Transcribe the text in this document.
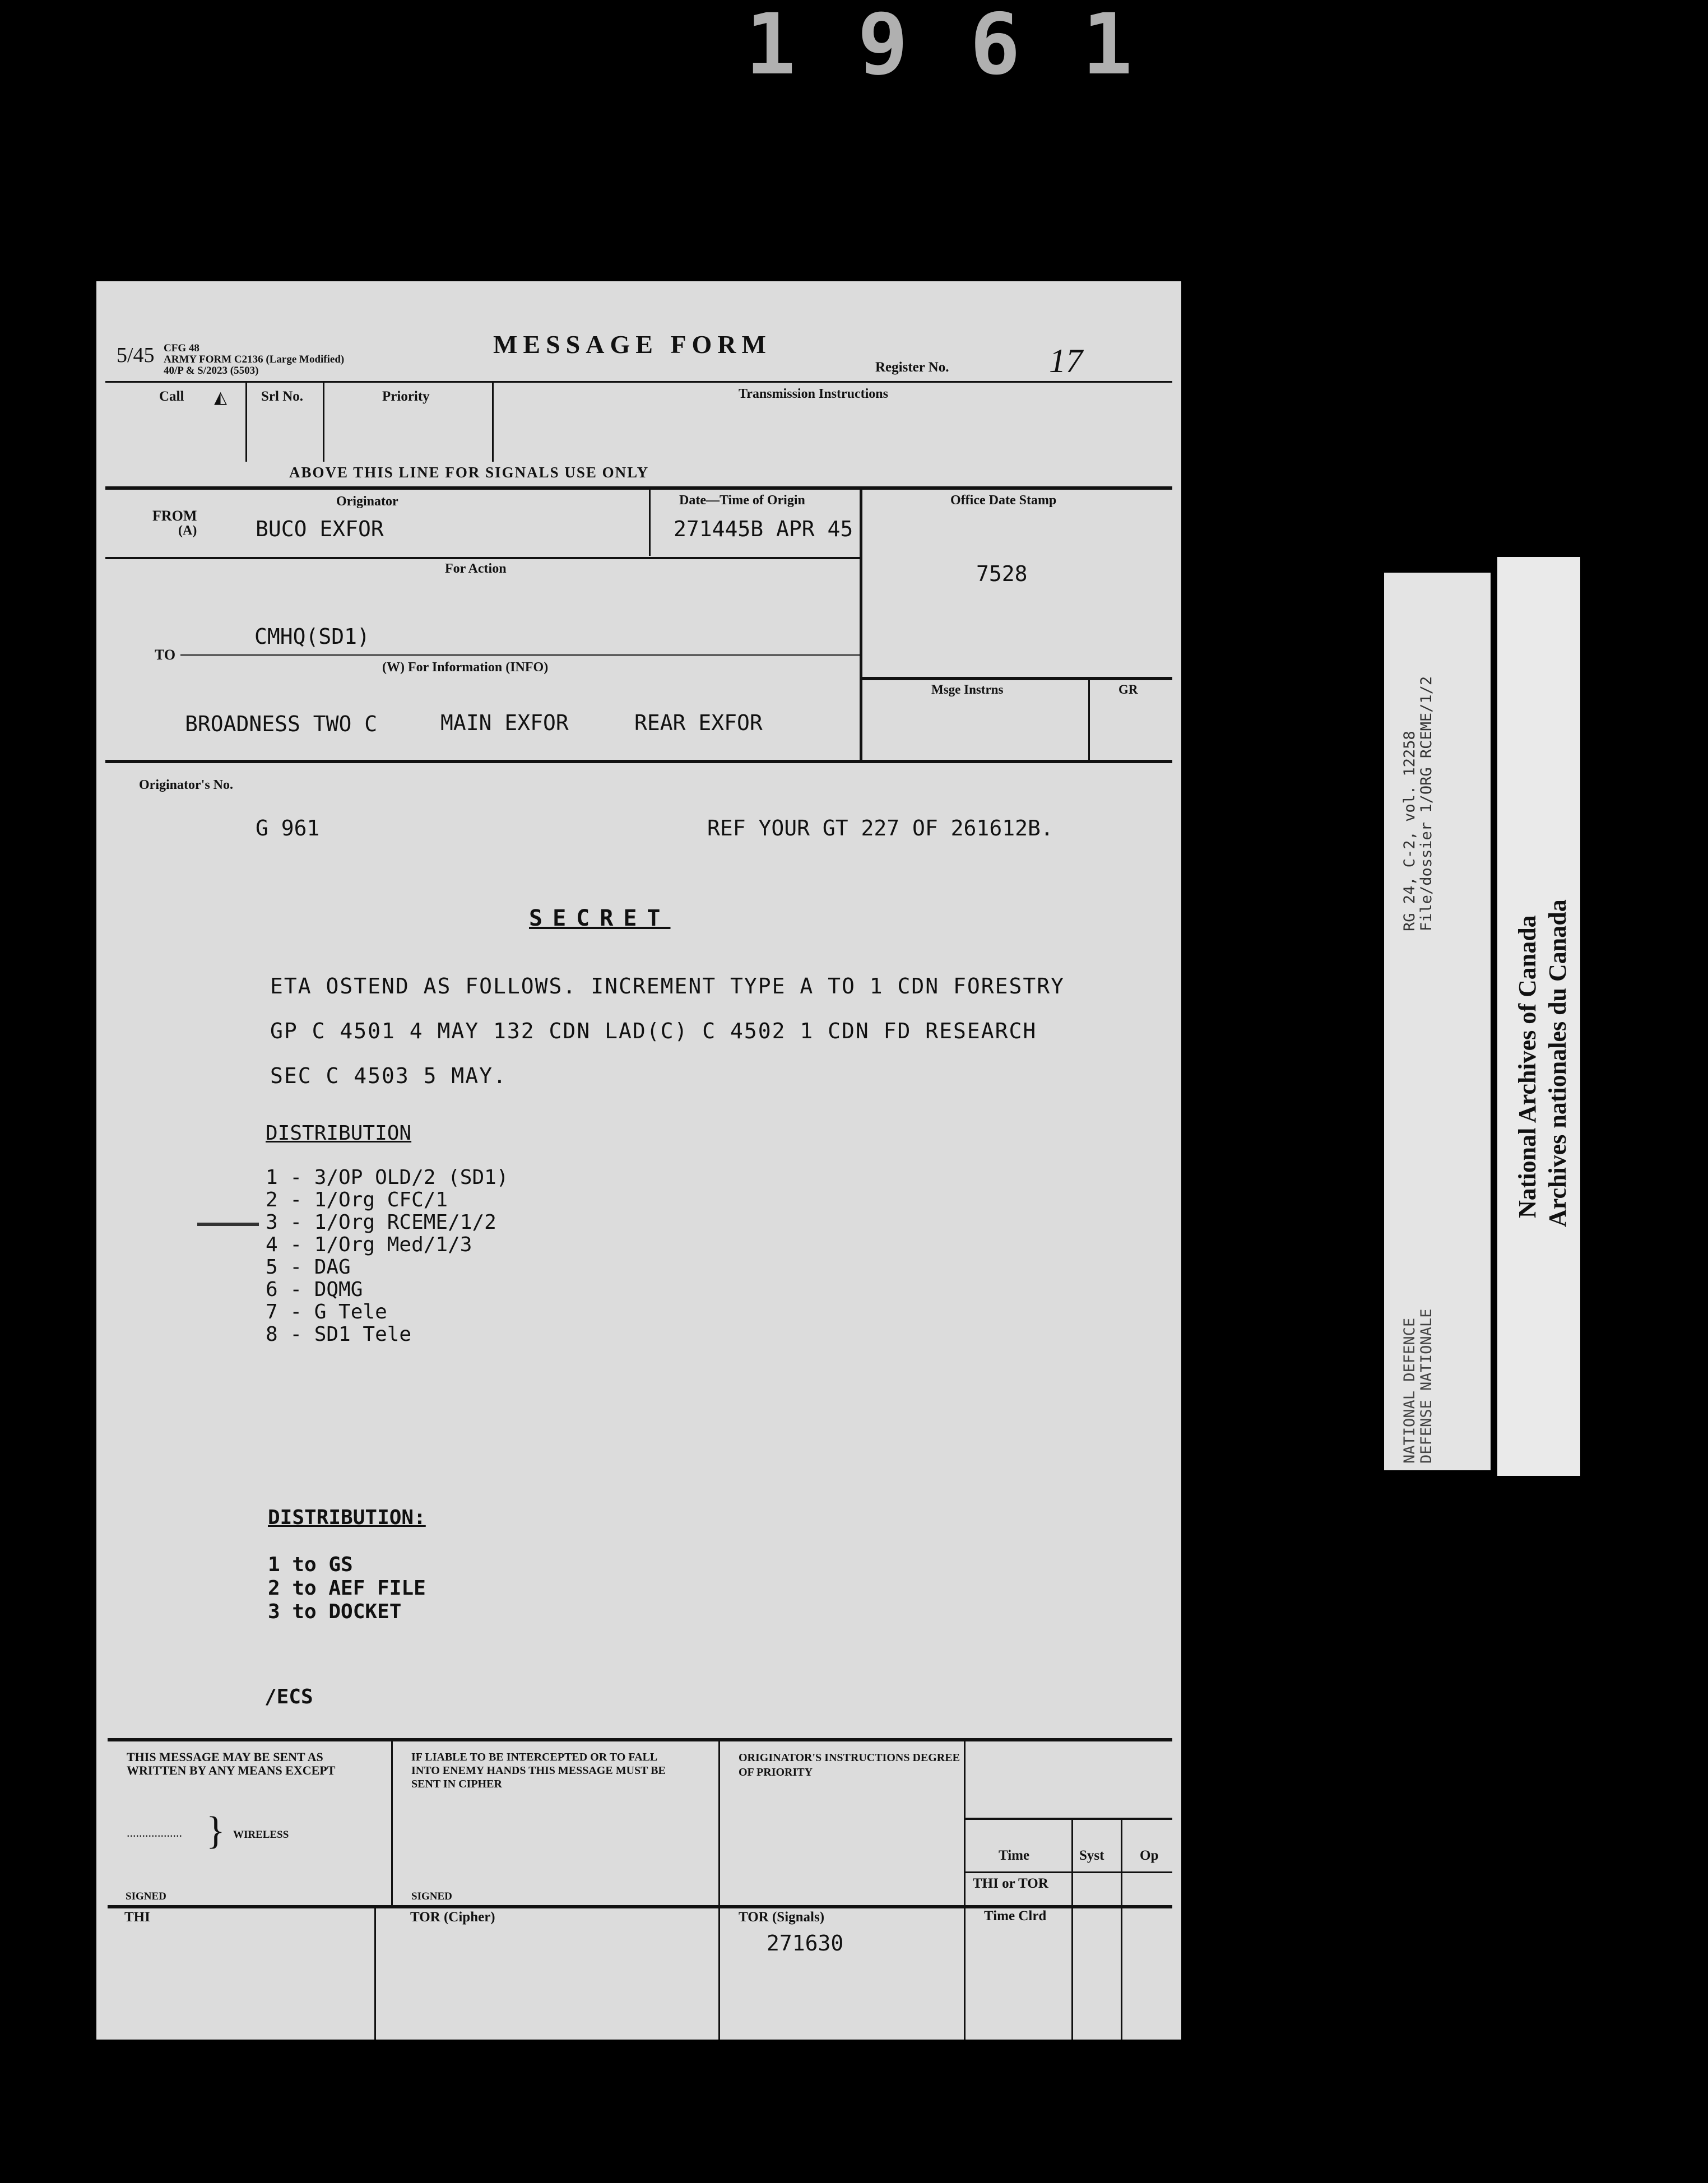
1961
5/45 CFG 48
ARMY FORM C2136 (Large Modified)
40/P & S/2023 (5503)
MESSAGE FORM
Register No.	17
Call ◭ Srl No.	Priority	Transmission Instructions
ABOVE THIS LINE FOR SIGNALS USE ONLY
Originator
FROM
(A)	BUCO EXFOR
Date—Time of Origin
271445B APR 45
Office Date Stamp
7528
For Action
CMHQ(SD1)
TO
(W) For Information (INFO)
BROADNESS TWO C	MAIN EXFOR	REAR EXFOR
Msge Instrns	GR
Originator's No.
G 961	REF YOUR GT 227 OF 261612B.
SECRET
ETA OSTEND AS FOLLOWS. INCREMENT TYPE A TO 1 CDN FORESTRY
GP C 4501 4 MAY 132 CDN LAD(C) C 4502 1 CDN FD RESEARCH
SEC C 4503 5 MAY.
DISTRIBUTION
1 - 3/OP OLD/2 (SD1)
2 - 1/Org CFC/1
3 - 1/Org RCEME/1/2
4 - 1/Org Med/1/3
5 - DAG
6 - DQMG
7 - G Tele
8 - SD1 Tele
DISTRIBUTION:
1 to GS
2 to AEF FILE
3 to DOCKET
/ECS
THIS MESSAGE MAY BE SENT AS WRITTEN BY ANY MEANS EXCEPT
.................. } WIRELESS
SIGNED
IF LIABLE TO BE INTERCEPTED OR TO FALL INTO ENEMY HANDS THIS MESSAGE MUST BE SENT IN CIPHER
SIGNED
ORIGINATOR'S INSTRUCTIONS DEGREE OF PRIORITY
Time	Syst	Op
THI or TOR
THI	TOR (Cipher)	TOR (Signals)
271630
Time Clrd
RG 24, C-2, vol. 12258 File/dossier 1/ORG RCEME/1/2
NATIONAL DEFENCE DEFENSE NATIONALE
National Archives of Canada Archives nationales du Canada
